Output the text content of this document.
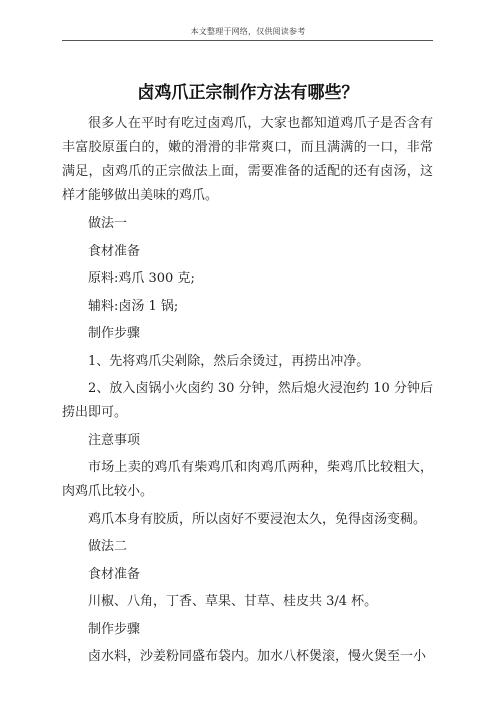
本文整理于网络，仅供阅读参考
卤鸡爪正宗制作方法有哪些？

很多人在平时有吃过卤鸡爪，大家也都知道鸡爪子是否含有丰富胶原蛋白的，嫩的滑滑的非常爽口，而且满满的一口，非常满足，卤鸡爪的正宗做法上面，需要准备的适配的还有卤汤，这样才能够做出美味的鸡爪。

做法一

食材准备

原料:鸡爪 300 克;

辅料:卤汤 1 锅;

制作步骤

1、先将鸡爪尖剁除，然后余烫过，再捞出冲净。

2、放入卤锅小火卤约 30 分钟，然后熄火浸泡约 10 分钟后捞出即可。

注意事项

市场上卖的鸡爪有柴鸡爪和肉鸡爪两种，柴鸡爪比较粗大，肉鸡爪比较小。

鸡爪本身有胶质，所以卤好不要浸泡太久，免得卤汤变稠。

做法二

食材准备

川椒、八角，丁香、草果、甘草、桂皮共 3/4 杯。

制作步骤

卤水料，沙姜粉同盛布袋内。加水八杯煲滚，慢火煲至一小
